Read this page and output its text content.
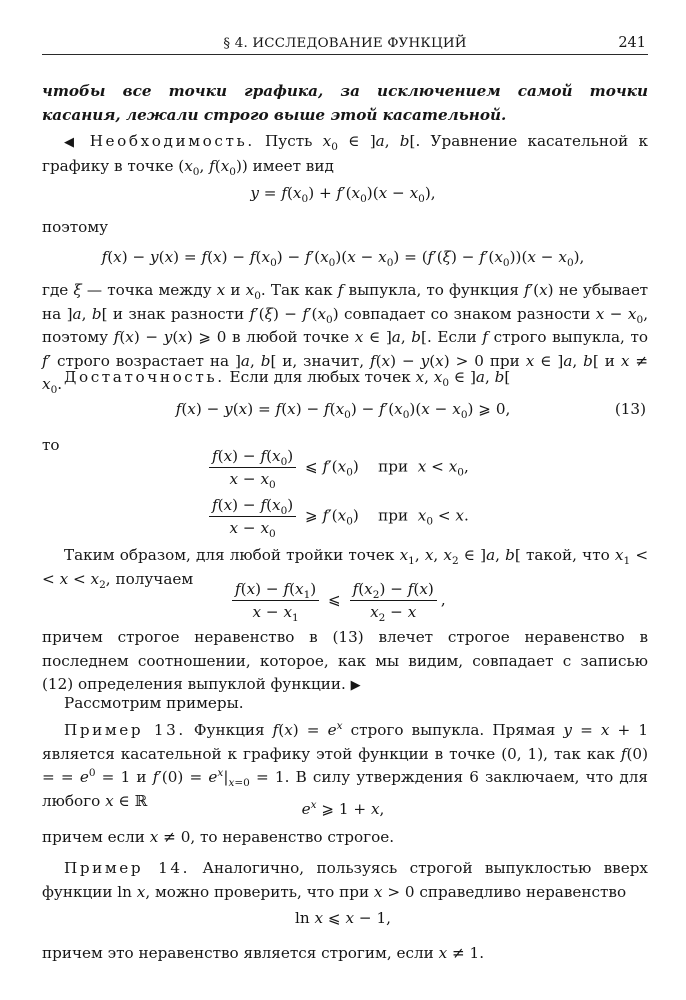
§ 4. ИССЛЕДОВАНИЕ ФУНКЦИЙ	241
чтобы все точки графика, за исключением самой точки касания, лежали строго выше этой касательной.
◀ Необходимость. Пусть $x_0$ ∈ ]a, b[. Уравнение касательной к графику в точке ($x_0$, $f(x_0)$) имеет вид
$y = f(x_0) + f'(x_0)(x - x_0)$,
поэтому
$f(x) - y(x) = f(x) - f(x_0) - f'(x_0)(x - x_0) = (f'(\xi) - f'(x_0))(x - x_0)$,
где ξ — точка между x и $x_0$. Так как f выпукла, то функция f′(x) не убывает на ]a, b[ и знак разности $f'(\xi) - f'(x_0)$ совпадает со знаком разности $x - x_0$, поэтому f(x) − y(x) ⩾ 0 в любой точке x ∈ ]a, b[. Если f строго выпукла, то f′ строго возрастает на ]a, b[ и, значит, f(x) − y(x) > 0 при x ∈ ]a, b[ и $x \ne x_0$. Достаточность. Если для любых точек x, $x_0$ ∈ ]a, b[
$f(x) - y(x) = f(x) - f(x_0) - f'(x_0)(x - x_0)$ ⩾ 0,	(13)
то	$\frac{f(x) - f(x_0)}{x - x_0}$ ⩽ $f'(x_0)$    при $x < x_0$,
$\frac{f(x) - f(x_0)}{x - x_0}$ ⩾ $f'(x_0)$    при $x_0 < x$.
Таким образом, для любой тройки точек $x_1$, x, $x_2$ ∈ ]a, b[ такой, что $x_1$ < < $x < x_2$, получаем	$\frac{f(x) - f(x_1)}{x - x_1}$ ⩽ $\frac{f(x_2) - f(x)}{x_2 - x}$ ,
причем строгое неравенство в (13) влечет строгое неравенство в последнем соотношении, которое, как мы видим, совпадает с записью (12) определения выпуклой функции. ▶
Рассмотрим примеры.
Пример 13. Функция $f(x) = e^x$ строго выпукла. Прямая y = x + 1 является касательной к графику этой функции в точке (0, 1), так как f(0) = = $e^0 = 1$ и $f'(0) = e^x|_{x=0} = 1$. В силу утверждения 6 заключаем, что для любого x ∈ ℝ	$e^x$ ⩾ 1 + x,
причем если x ≠ 0, то неравенство строгое.
Пример 14. Аналогично, пользуясь строгой выпуклостью вверх функции ln x, можно проверить, что при x > 0 справедливо неравенство
ln x ⩽ x − 1,
причем это неравенство является строгим, если x ≠ 1.
